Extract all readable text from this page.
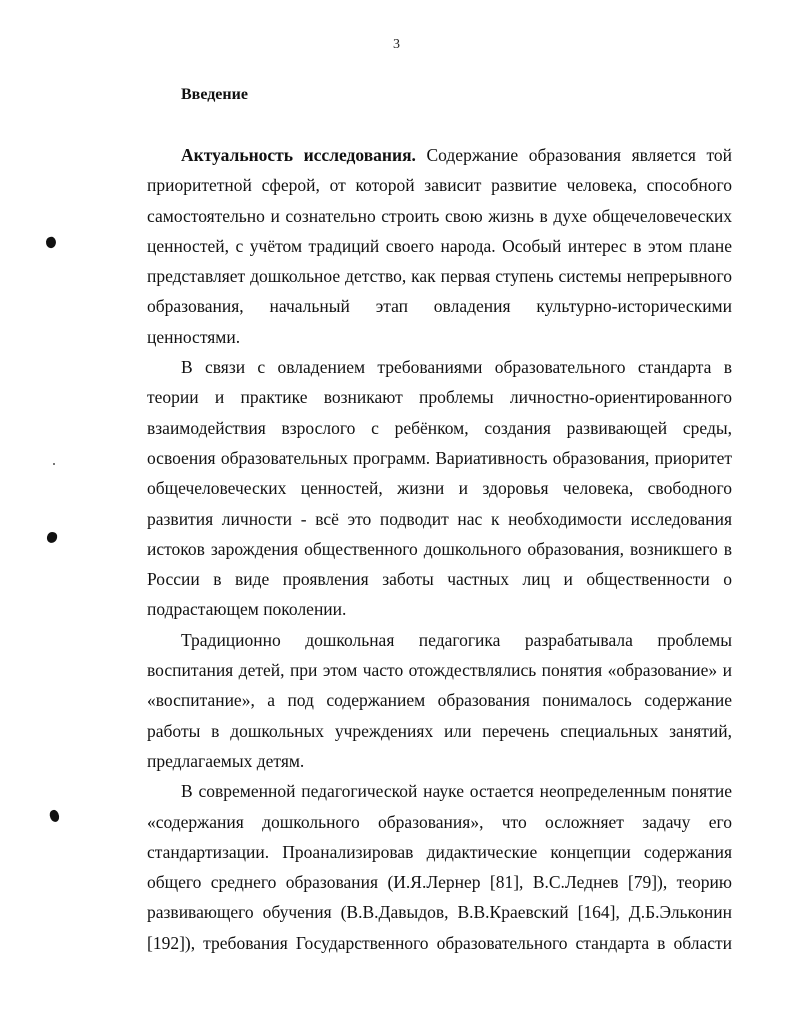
3
Введение
Актуальность исследования. Содержание образования является той
приоритетной сферой, от которой зависит развитие человека, способного
самостоятельно и сознательно строить свою жизнь в духе общечеловеческих
ценностей, с учётом традиций своего народа. Особый интерес в этом плане
представляет дошкольное детство, как первая ступень системы непрерывного
образования, начальный этап овладения культурно-историческими
ценностями.
В связи с овладением требованиями образовательного стандарта в
теории и практике возникают проблемы личностно-ориентированного
взаимодействия взрослого с ребёнком, создания развивающей среды,
освоения образовательных программ. Вариативность образования, приоритет
общечеловеческих ценностей, жизни и здоровья человека, свободного
развития личности - всё это подводит нас к необходимости исследования
истоков зарождения общественного дошкольного образования, возникшего в
России в виде проявления заботы частных лиц и общественности о
подрастающем поколении.
Традиционно дошкольная педагогика разрабатывала проблемы
воспитания детей, при этом часто отождествлялись понятия «образование» и
«воспитание», а под содержанием образования понималось содержание
работы в дошкольных учреждениях или перечень специальных занятий,
предлагаемых детям.
В современной педагогической науке остается неопределенным понятие
«содержания дошкольного образования», что осложняет задачу его
стандартизации. Проанализировав дидактические концепции содержания
общего среднего образования (И.Я.Лернер [81], В.С.Леднев [79]), теорию
развивающего обучения (В.В.Давыдов, В.В.Краевский [164], Д.Б.Эльконин
[192]), требования Государственного образовательного стандарта в области
